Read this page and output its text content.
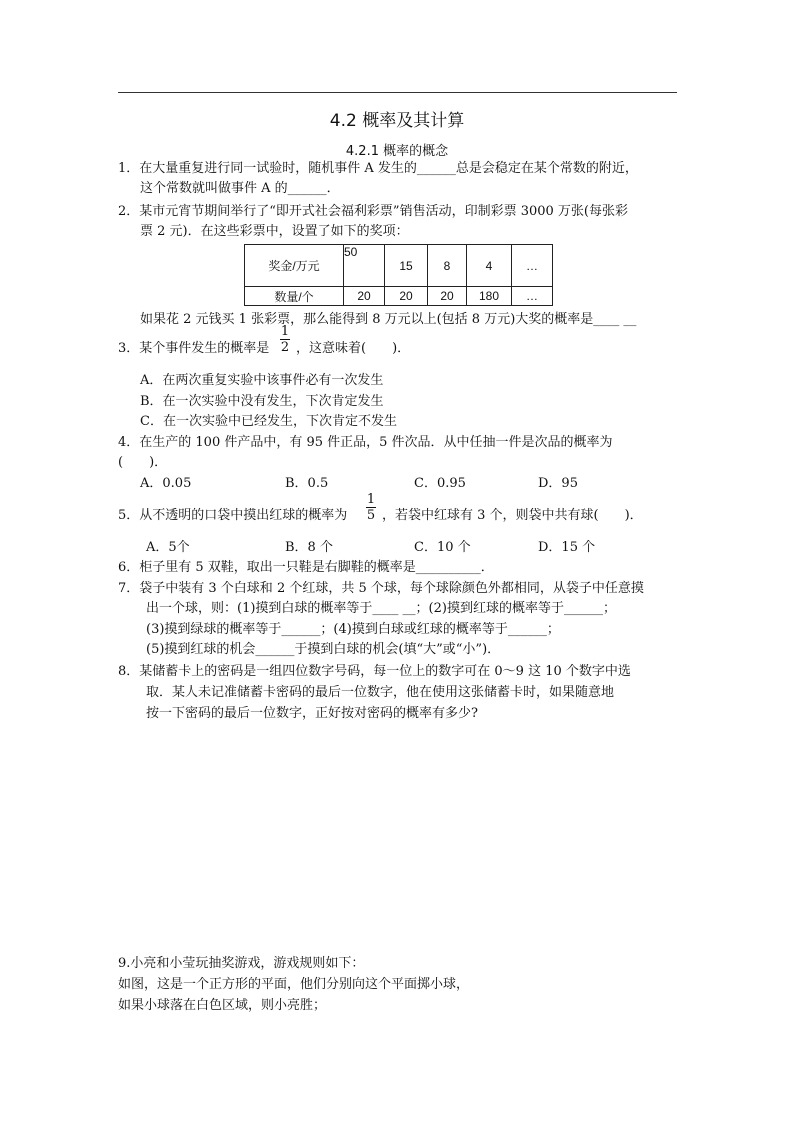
4.2 概率及其计算
4.2.1 概率的概念
1．在大量重复进行同一试验时，随机事件 A 发生的______总是会稳定在某个常数的附近，
这个常数就叫做事件 A 的______．
2．某市元宵节期间举行了“即开式社会福利彩票”销售活动，印制彩票 3000 万张(每张彩
票 2 元)．在这些彩票中，设置了如下的奖项：
奖金/万元	50	15	8	4	…
数量/个	20	20	20	180	…
如果花 2 元钱买 1 张彩票，那么能得到 8 万元以上(包括 8 万元)大奖的概率是____ __
3．某个事件发生的概率是
1
2 ，这意味着(　　)．
A．在两次重复实验中该事件必有一次发生
B．在一次实验中没有发生，下次肯定发生
C．在一次实验中已经发生，下次肯定不发生
4．在生产的 100 件产品中，有 95 件正品，5 件次品．从中任抽一件是次品的概率为
(　　)．
A．0.05	B．0.5	C．0.95	D．95
5．从不透明的口袋中摸出红球的概率为
1
5 ，若袋中红球有 3 个，则袋中共有球(　　)．
A．5个	B．8 个	C．10 个	D．15 个
6．柜子里有 5 双鞋，取出一只鞋是右脚鞋的概率是__________．
7．袋子中装有 3 个白球和 2 个红球，共 5 个球，每个球除颜色外都相同，从袋子中任意摸
出一个球，则：(1)摸到白球的概率等于____ __；(2)摸到红球的概率等于______；
(3)摸到绿球的概率等于______；(4)摸到白球或红球的概率等于______；
(5)摸到红球的机会______于摸到白球的机会(填“大”或“小”)．
8．某储蓄卡上的密码是一组四位数字号码，每一位上的数字可在 0～9 这 10 个数字中选
取．某人未记准储蓄卡密码的最后一位数字，他在使用这张储蓄卡时，如果随意地
按一下密码的最后一位数字，正好按对密码的概率有多少?
9.小亮和小莹玩抽奖游戏，游戏规则如下：
如图，这是一个正方形的平面，他们分别向这个平面掷小球，
如果小球落在白色区域，则小亮胜；
